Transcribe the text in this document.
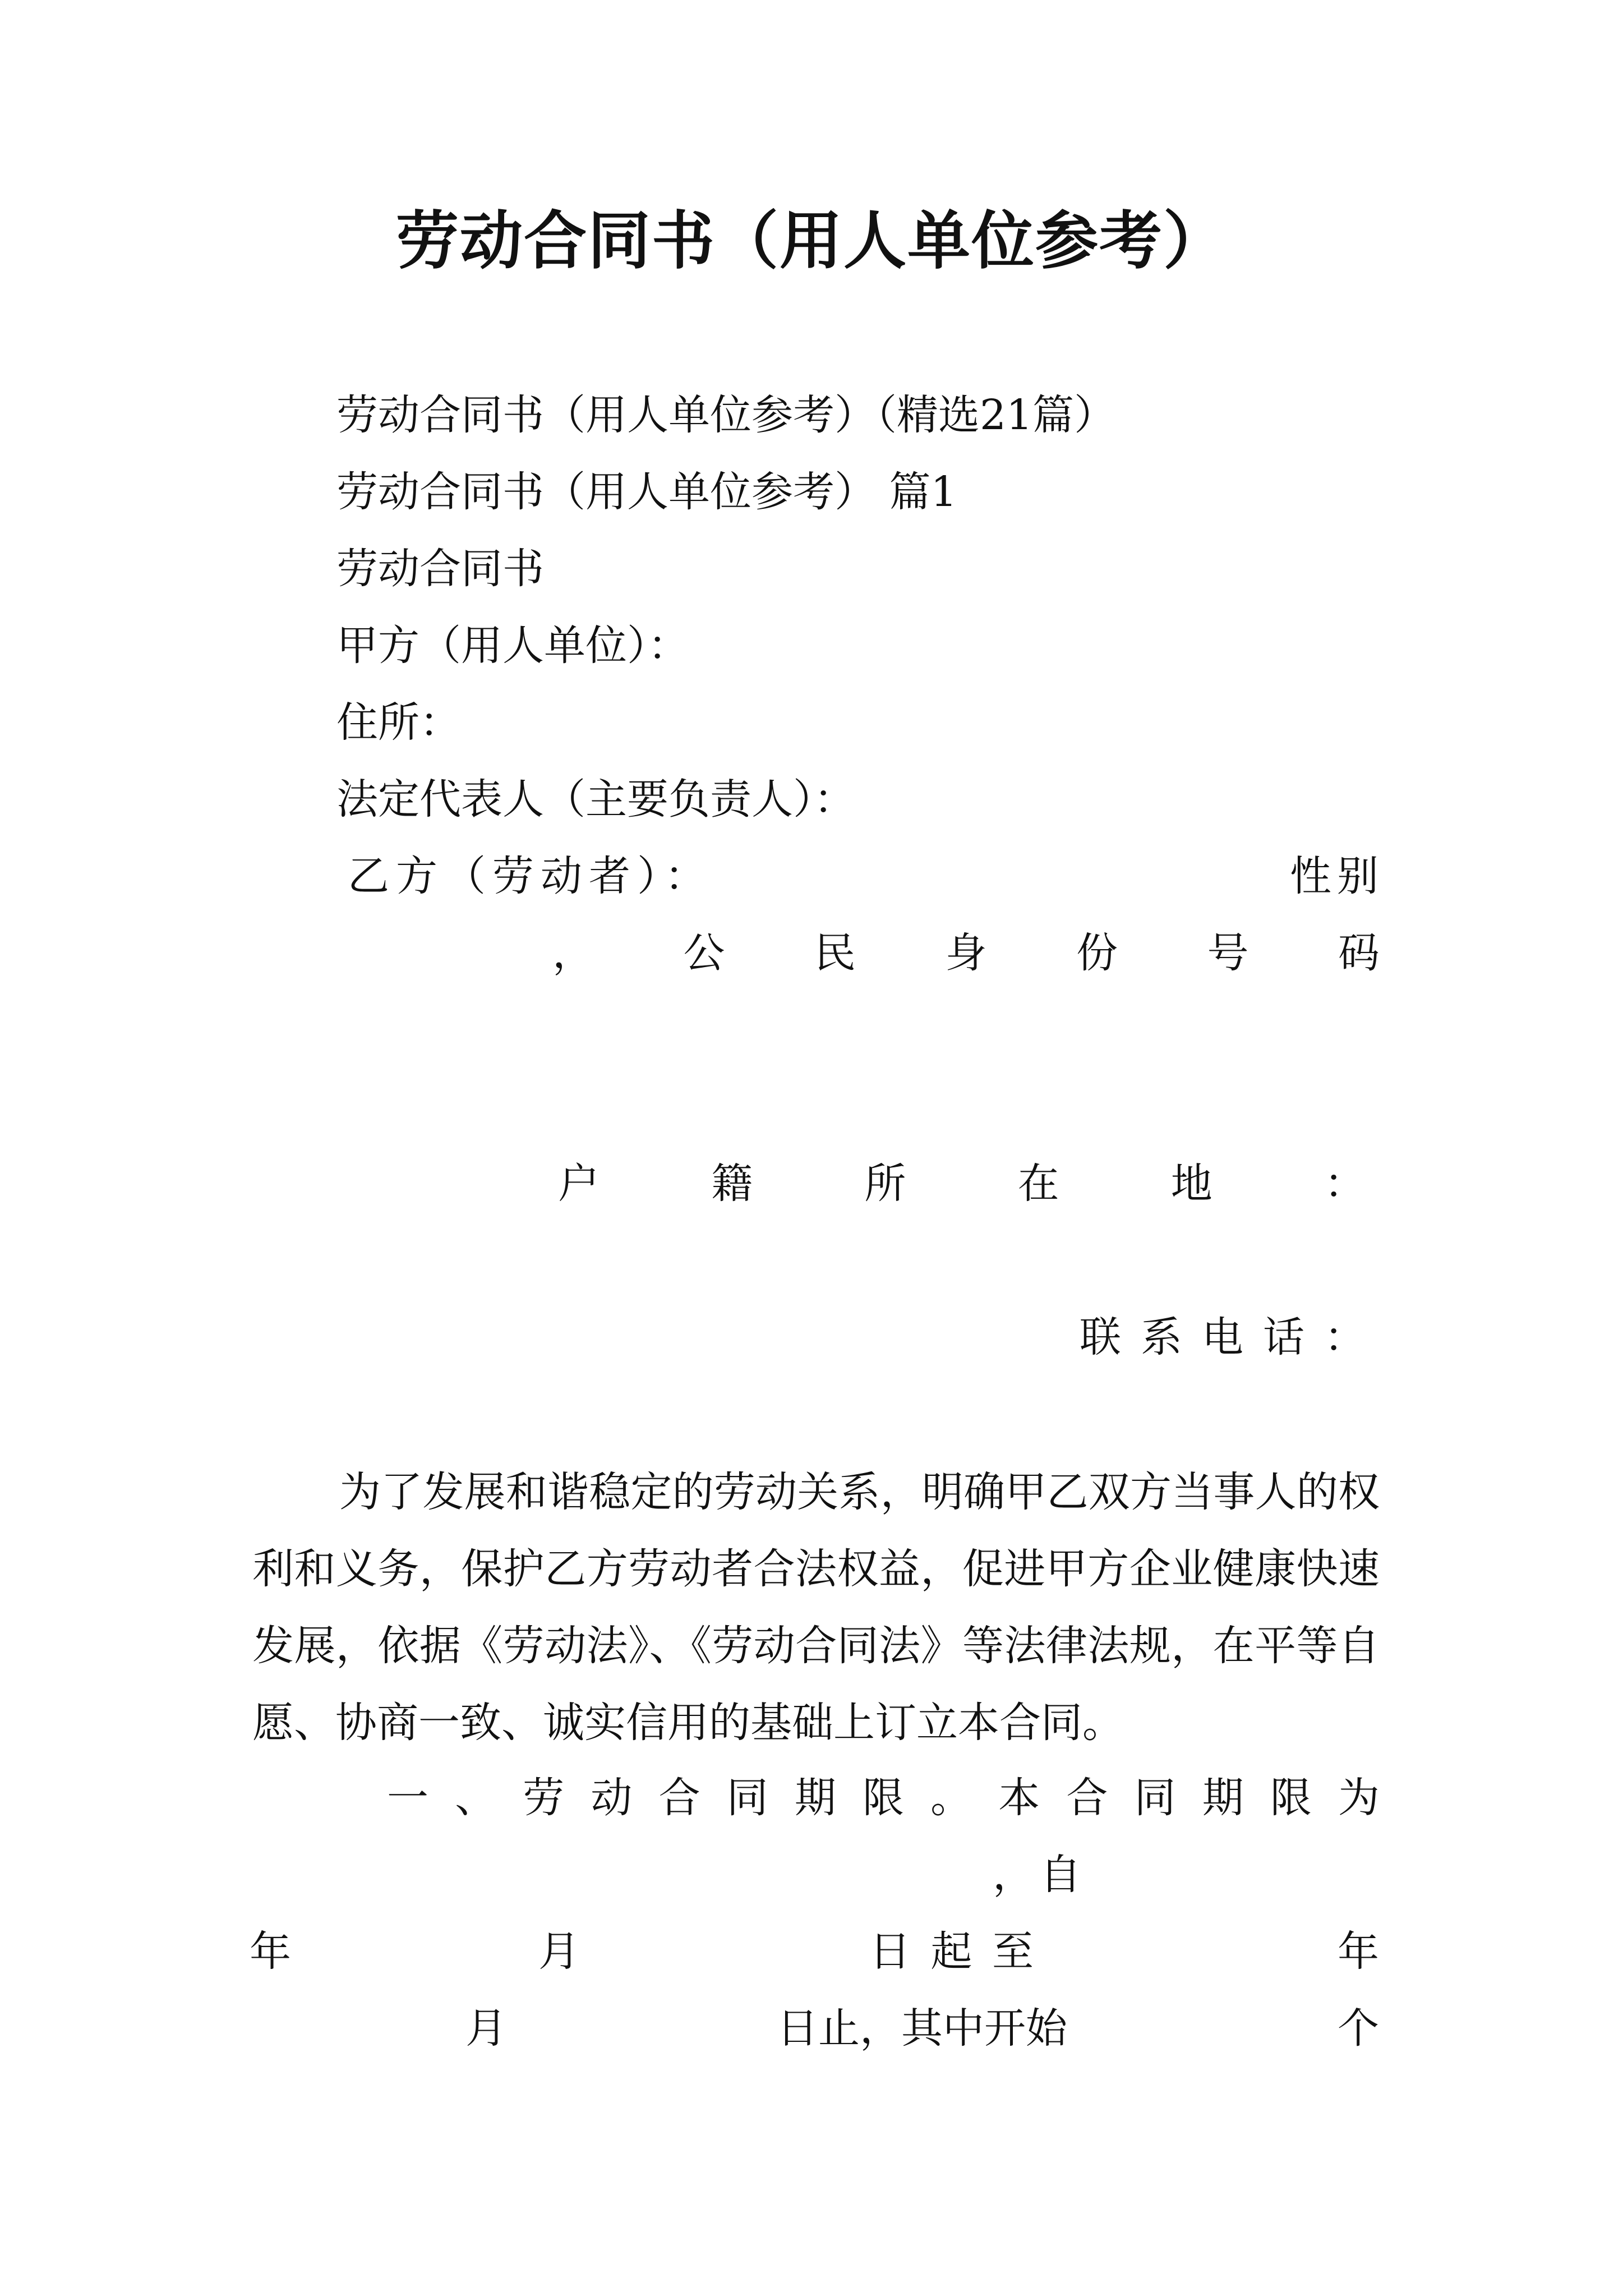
劳动合同书（用人单位参考）
劳动合同书（用人单位参考）（精选21篇）
劳动合同书（用人单位参考） 篇1
劳动合同书
甲方（用人单位）：
住所：
法定代表人（主要负责人）：
乙方（劳动者）：	性别
， 公 民 身 份 号 码
户	籍	所	在	地	：
联 系 电 话 ：
为了发展和谐稳定的劳动关系，明确甲乙双方当事人的权利和义务，保护乙方劳动者合法权益，促进甲方企业健康快速发展，依据《劳动法》、《劳动合同法》等法律法规，在平等自愿、协商一致、诚实信用的基础上订立本合同。
一 、 劳 动 合 同 期 限 。 本 合 同 期 限 为
，自
年	月	日 起 至	年
月	日止，其中开始	个
